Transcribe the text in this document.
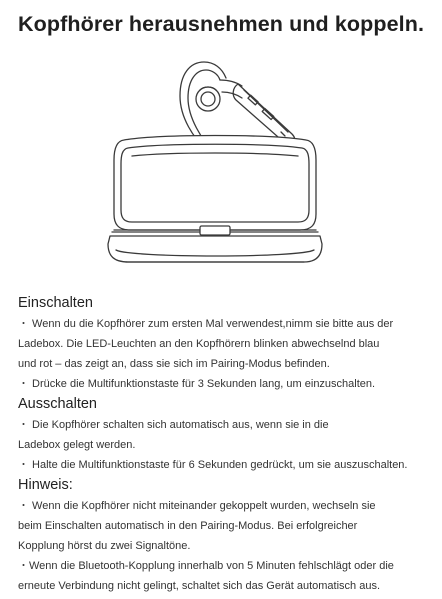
Kopfhörer herausnehmen und koppeln.
Einschalten

・ Wenn du die Kopfhörer zum ersten Mal verwendest,nimm sie bitte aus der

Ladebox. Die LED-Leuchten an den Kopfhörern blinken abwechselnd blau

und rot – das zeigt an, dass sie sich im Pairing-Modus befinden.

・ Drücke die Multifunktionstaste für 3 Sekunden lang, um einzuschalten.

Ausschalten

・ Die Kopfhörer schalten sich automatisch aus, wenn sie in die

Ladebox gelegt werden.

・ Halte die Multifunktionstaste für 6 Sekunden gedrückt, um sie auszuschalten.

Hinweis:

・ Wenn die Kopfhörer nicht miteinander gekoppelt wurden, wechseln sie

beim Einschalten automatisch in den Pairing-Modus. Bei erfolgreicher

Kopplung hörst du zwei Signaltöne.

・Wenn die Bluetooth-Kopplung innerhalb von 5 Minuten fehlschlägt oder die

erneute Verbindung nicht gelingt, schaltet sich das Gerät automatisch aus.
